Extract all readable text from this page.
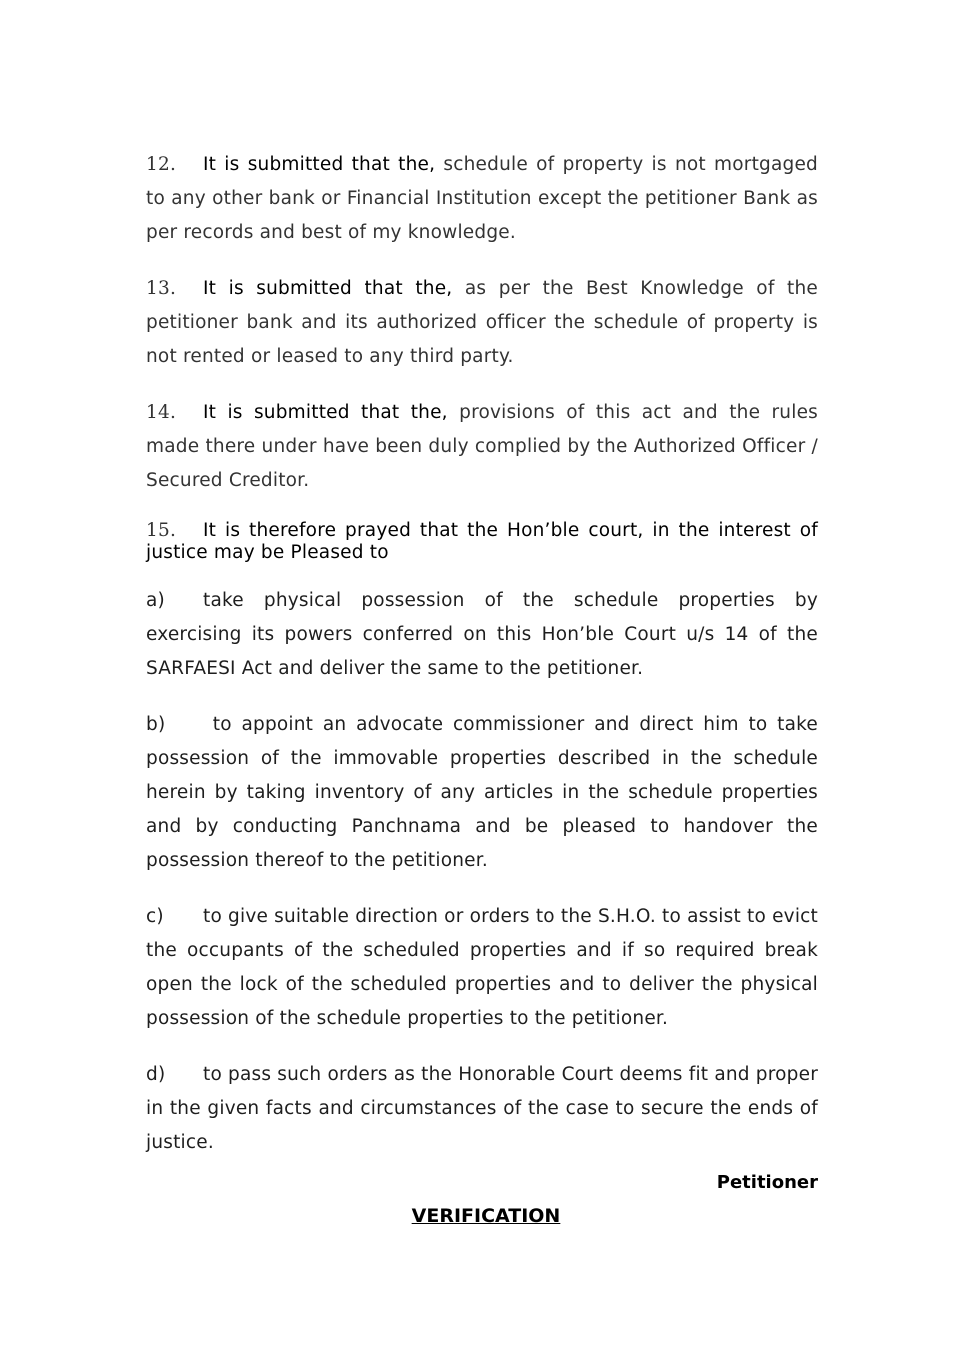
12. It is submitted that the, schedule of property is not mortgaged to any other bank or Financial Institution except the petitioner Bank as per records and best of my knowledge.

13. It is submitted that the, as per the Best Knowledge of the petitioner bank and its authorized officer the schedule of property is not rented or leased to any third party.

14. It is submitted that the, provisions of this act and the rules made there under have been duly complied by the Authorized Officer / Secured Creditor.

15. It is therefore prayed that the Hon’ble court, in the interest of justice may be Pleased to

a) take physical possession of the schedule properties by exercising its powers conferred on this Hon’ble Court u/s 14 of the SARFAESI Act and deliver the same to the petitioner.

b) to appoint an advocate commissioner and direct him to take possession of the immovable properties described in the schedule herein by taking inventory of any articles in the schedule properties and by conducting Panchnama and be pleased to handover the possession thereof to the petitioner.

c) to give suitable direction or orders to the S.H.O. to assist to evict the occupants of the scheduled properties and if so required break open the lock of the scheduled properties and to deliver the physical possession of the schedule properties to the petitioner.

d) to pass such orders as the Honorable Court deems fit and proper in the given facts and circumstances of the case to secure the ends of justice.

Petitioner
VERIFICATION
